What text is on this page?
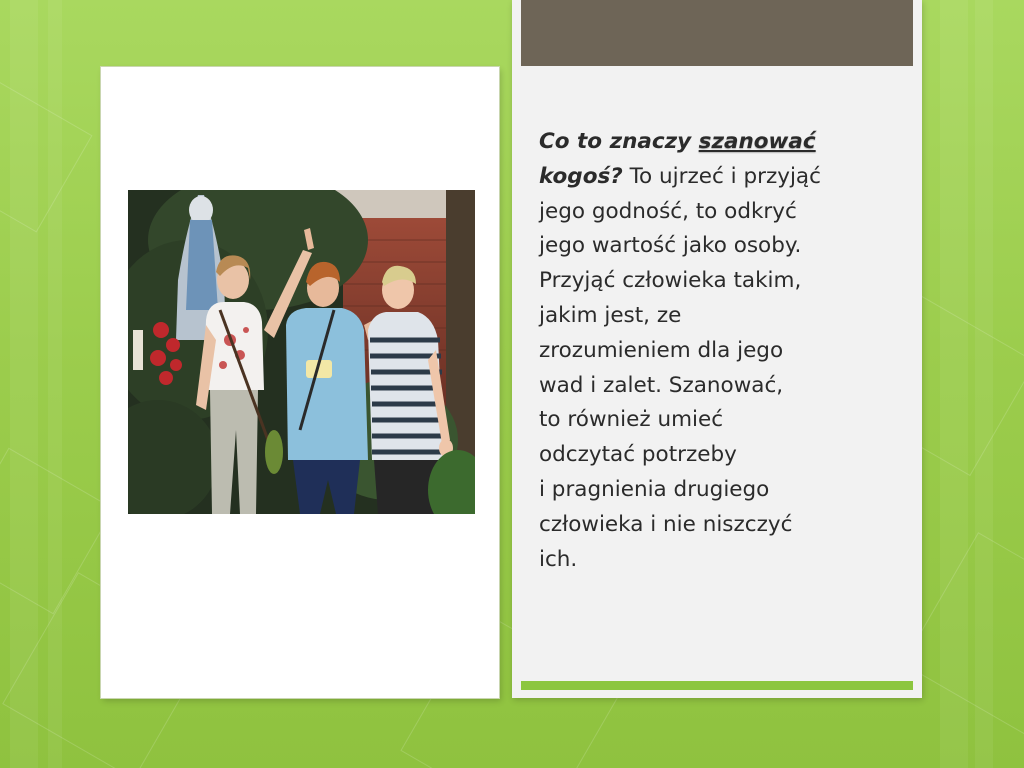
Co to znaczy szanować
kogoś? To ujrzeć i przyjąć
jego godność, to odkryć
jego wartość jako osoby.
Przyjąć człowieka takim,
jakim jest, ze
zrozumieniem dla jego
wad i zalet. Szanować,
to również umieć
odczytać potrzeby
i pragnienia drugiego
człowieka i nie niszczyć
ich.
